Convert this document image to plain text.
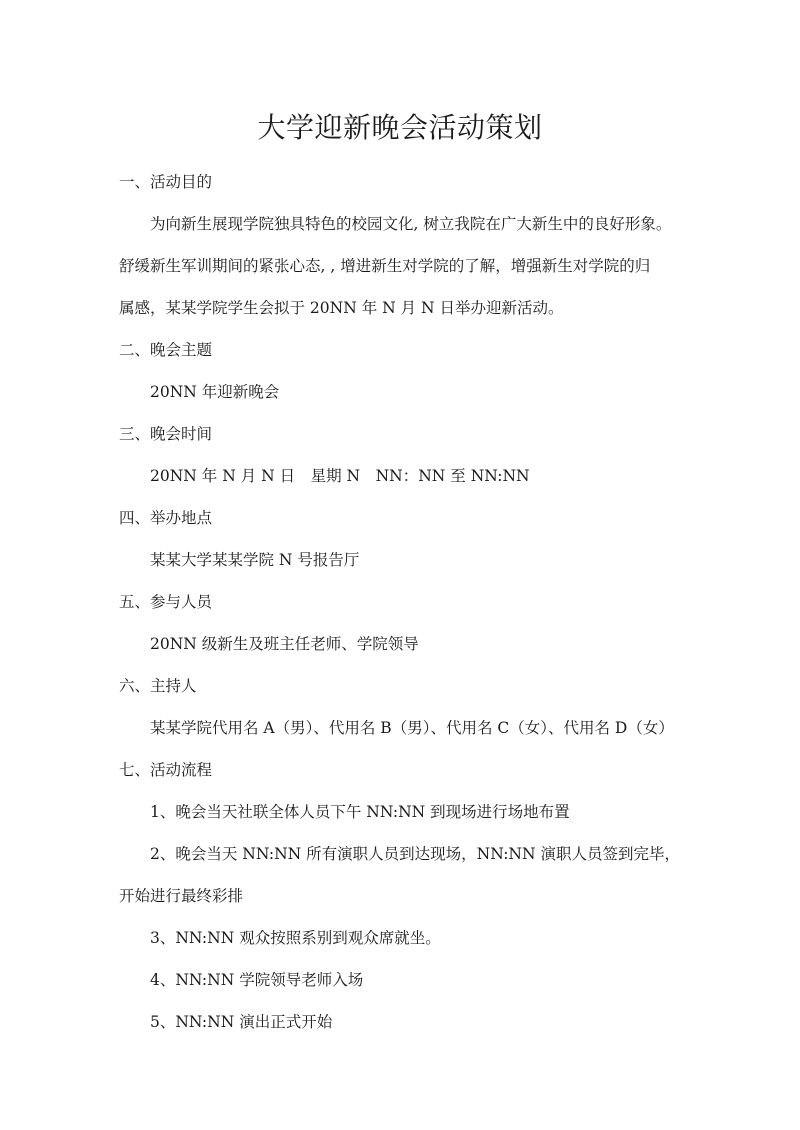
大学迎新晚会活动策划
一、活动目的
为向新生展现学院独具特色的校园文化, 树立我院在广大新生中的良好形象。
舒缓新生军训期间的紧张心态, , 增进新生对学院的了解，增强新生对学院的归
属感，某某学院学生会拟于 20NN 年 N 月 N 日举办迎新活动。
二、晚会主题
20NN 年迎新晚会
三、晚会时间
20NN 年 N 月 N 日　星期 N　NN：NN 至 NN:NN
四、举办地点
某某大学某某学院 N 号报告厅
五、参与人员
20NN 级新生及班主任老师、学院领导
六、主持人
某某学院代用名 A（男）、代用名 B（男）、代用名 C（女）、代用名 D（女）
七、活动流程
1、晚会当天社联全体人员下午 NN:NN 到现场进行场地布置
2、晚会当天 NN:NN 所有演职人员到达现场，NN:NN 演职人员签到完毕，
开始进行最终彩排
3、NN:NN 观众按照系别到观众席就坐。
4、NN:NN 学院领导老师入场
5、NN:NN 演出正式开始
